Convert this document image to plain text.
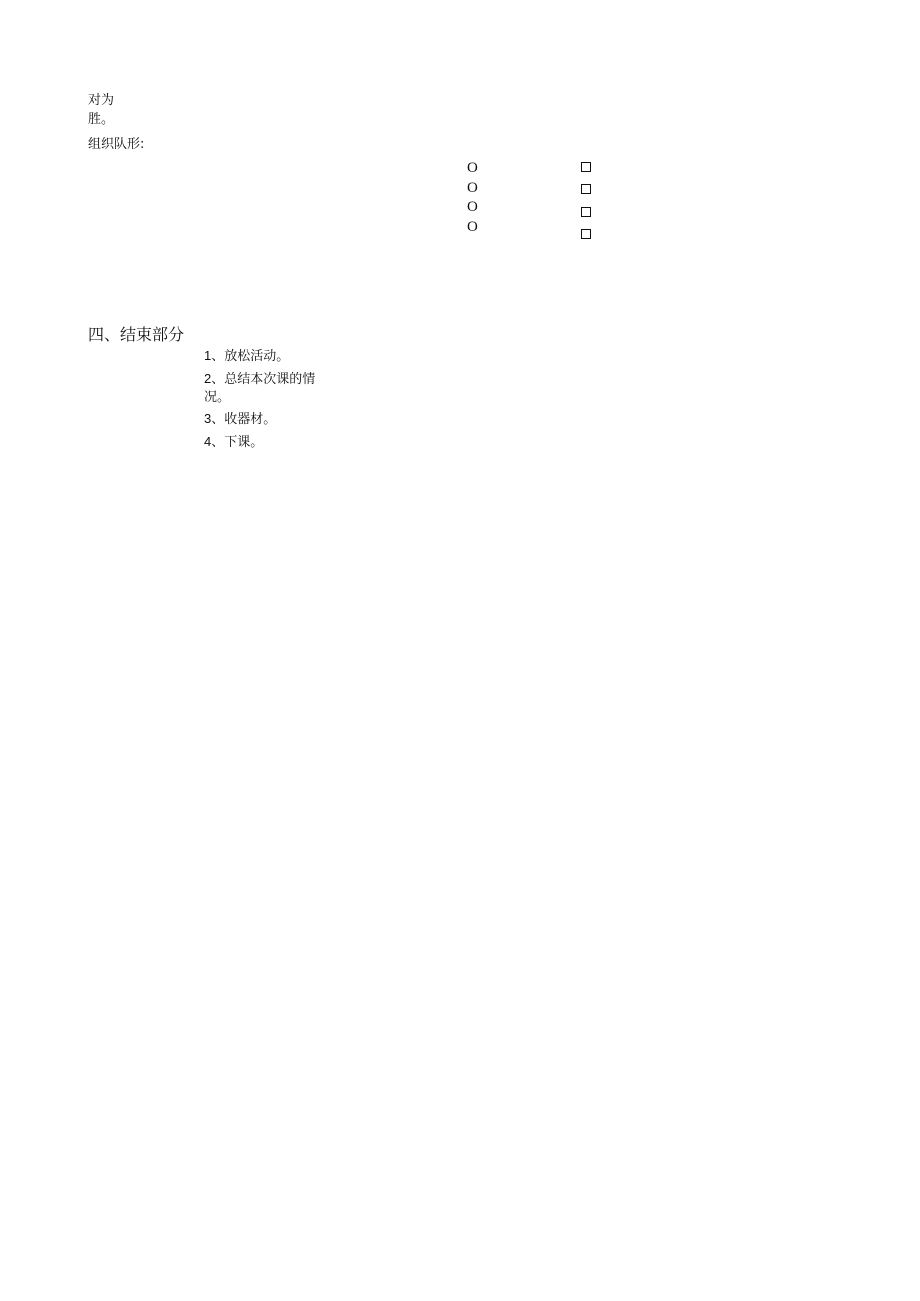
对为
胜。
组织队形:
O
O
O
O
四、结束部分
1、放松活动。
2、总结本次课的情
况。
3、收器材。
4、下课。
